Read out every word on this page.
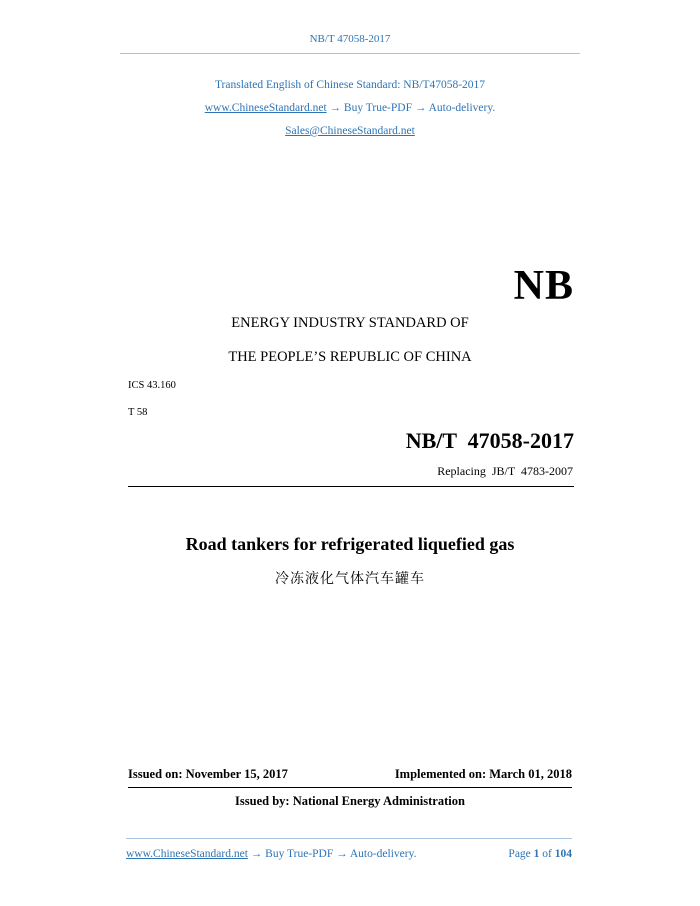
NB/T 47058-2017
Translated English of Chinese Standard: NB/T47058-2017
www.ChineseStandard.net → Buy True-PDF → Auto-delivery.
Sales@ChineseStandard.net
NB
ENERGY INDUSTRY STANDARD OF
THE PEOPLE’S REPUBLIC OF CHINA
ICS 43.160
T 58
NB/T  47058-2017
Replacing  JB/T  4783-2007
Road tankers for refrigerated liquefied gas
冷冻液化气体汽车罐车
Issued on: November 15, 2017	Implemented on: March 01, 2018
Issued by: National Energy Administration
www.ChineseStandard.net → Buy True-PDF → Auto-delivery.	Page 1 of 104
